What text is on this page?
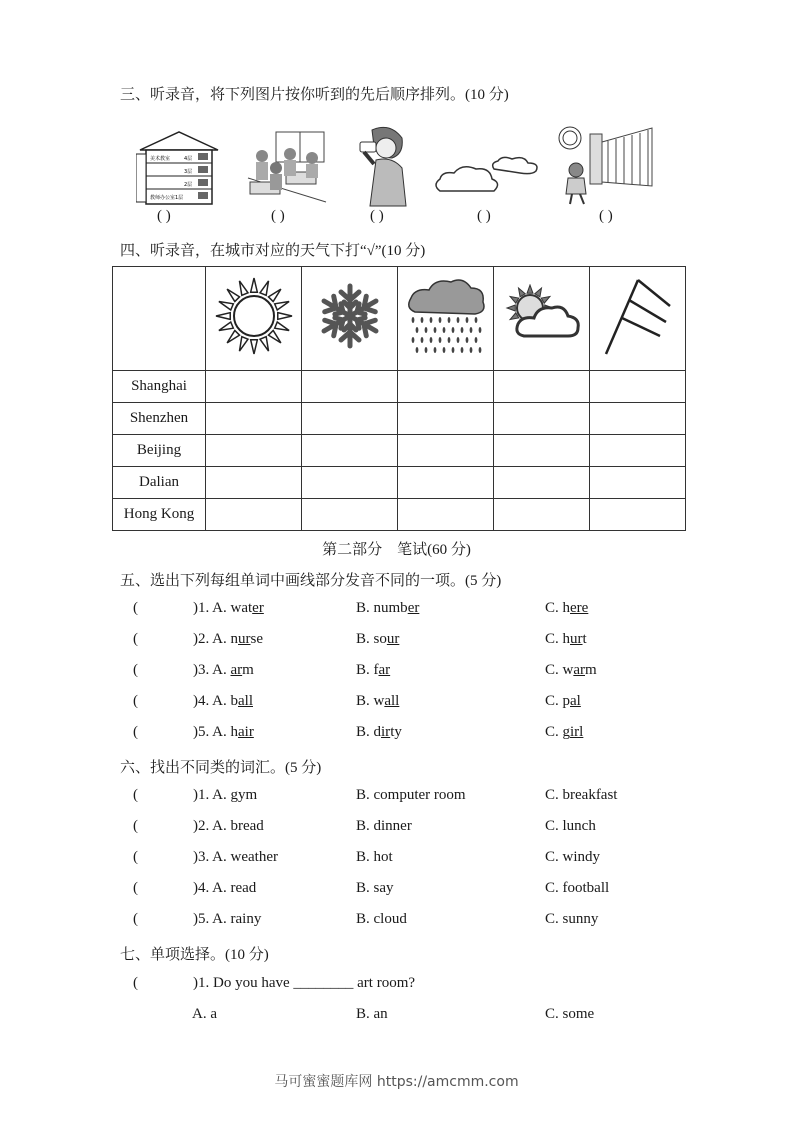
三、听录音，将下列图片按你听到的先后顺序排列。(10 分)
美术教室	4层
3层
2层
教师办公室1层
( )	( )	( )	( )	( )
四、听录音，在城市对应的天气下打“√”(10 分)

Shanghai					
Shenzhen					
Beijing					
Dalian					
Hong Kong					
第二部分　笔试(60 分)
五、选出下列每组单词中画线部分发音不同的一项。(5 分)
(	)1. A. water	B. number	C. here
(	)2. A. nurse	B. sour	C. hurt
(	)3. A. arm	B. far	C. warm
(	)4. A. ball	B. wall	C. pal
(	)5. A. hair	B. dirty	C. girl
六、找出不同类的词汇。(5 分)
(	)1. A. gym	B. computer room	C. breakfast
(	)2. A. bread	B. dinner	C. lunch
(	)3. A. weather	B. hot	C. windy
(	)4. A. read	B. say	C. football
(	)5. A. rainy	B. cloud	C. sunny
七、单项选择。(10 分)
(	)1. Do you have ________ art room?
A. a	B. an	C. some
马可蜜蜜题库网 https://amcmm.com
